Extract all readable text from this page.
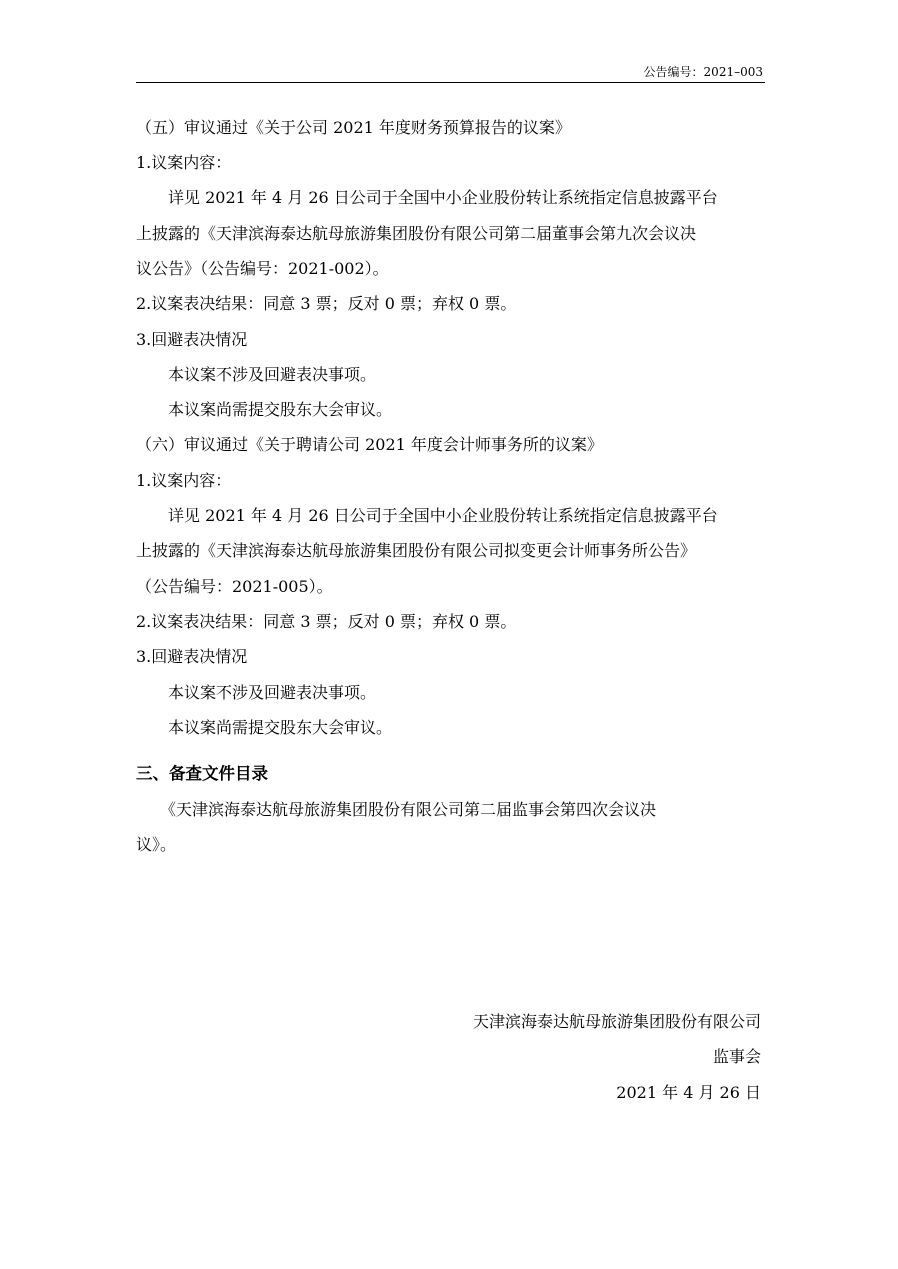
公告编号：2021–003
（五）审议通过《关于公司 2021 年度财务预算报告的议案》
1.议案内容：
详见 2021 年 4 月 26 日公司于全国中小企业股份转让系统指定信息披露平台
上披露的《天津滨海泰达航母旅游集团股份有限公司第二届董事会第九次会议决
议公告》（公告编号：2021-002）。
2.议案表决结果：同意 3 票；反对 0 票；弃权 0 票。
3.回避表决情况
本议案不涉及回避表决事项。
本议案尚需提交股东大会审议。
（六）审议通过《关于聘请公司 2021 年度会计师事务所的议案》
1.议案内容：
详见 2021 年 4 月 26 日公司于全国中小企业股份转让系统指定信息披露平台
上披露的《天津滨海泰达航母旅游集团股份有限公司拟变更会计师事务所公告》
（公告编号：2021-005）。
2.议案表决结果：同意 3 票；反对 0 票；弃权 0 票。
3.回避表决情况
本议案不涉及回避表决事项。
本议案尚需提交股东大会审议。
三、备查文件目录
《天津滨海泰达航母旅游集团股份有限公司第二届监事会第四次会议决
议》。
天津滨海泰达航母旅游集团股份有限公司
监事会
2021 年 4 月 26 日
